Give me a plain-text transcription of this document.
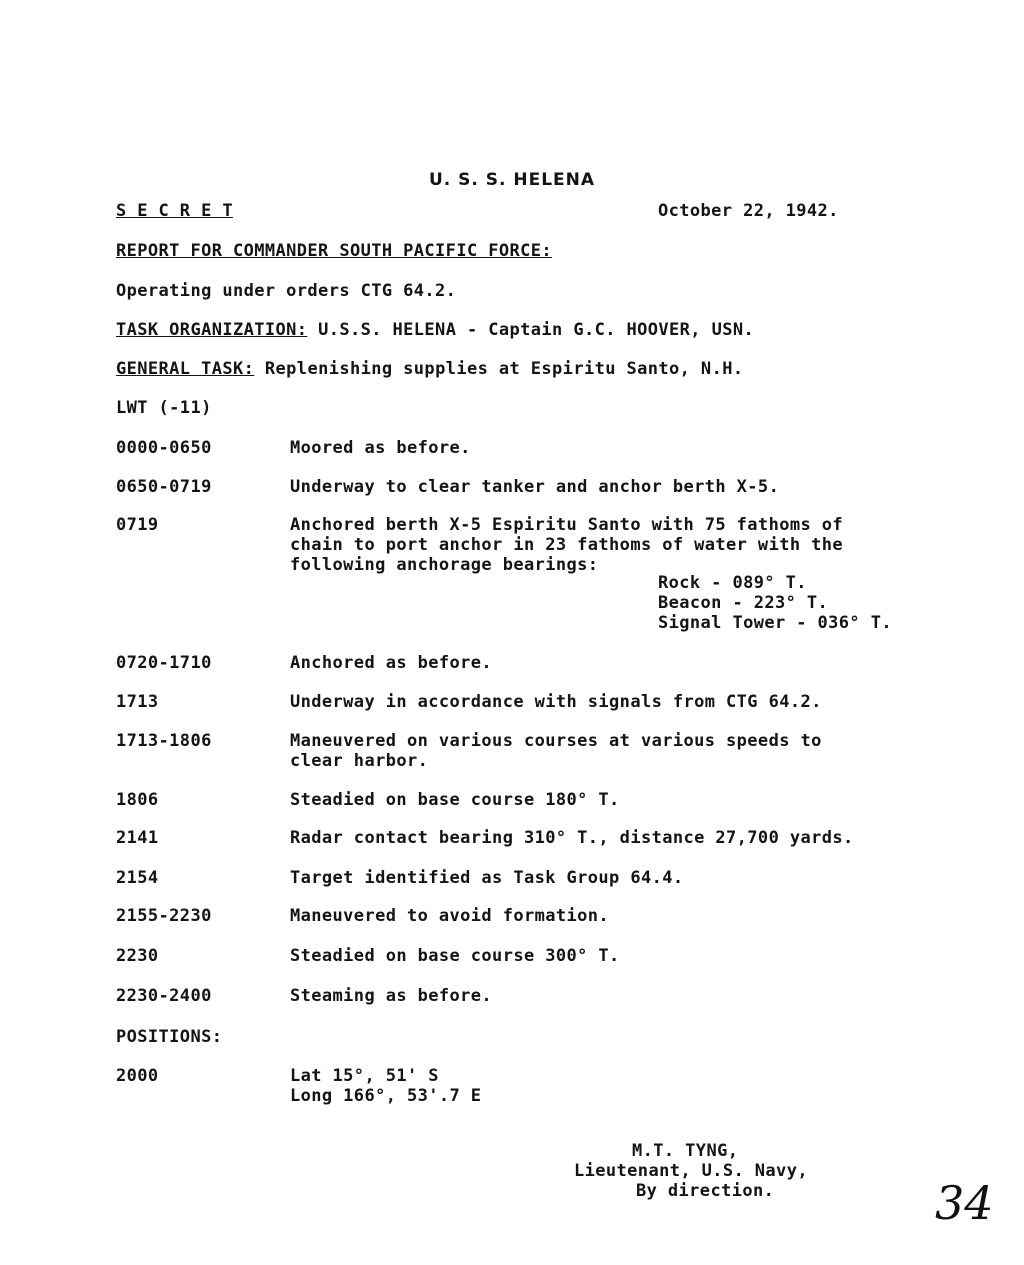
U. S. S. HELENA
S E C R E T	October 22, 1942.
REPORT FOR COMMANDER SOUTH PACIFIC FORCE:
Operating under orders CTG 64.2.
TASK ORGANIZATION: U.S.S. HELENA - Captain G.C. HOOVER, USN.
GENERAL TASK: Replenishing supplies at Espiritu Santo, N.H.
LWT (-11)
0000-0650	Moored as before.
0650-0719	Underway to clear tanker and anchor berth X-5.
0719	Anchored berth X-5 Espiritu Santo with 75 fathoms of
chain to port anchor in 23 fathoms of water with the
following anchorage bearings:
Rock - 089° T.
Beacon - 223° T.
Signal Tower - 036° T.
0720-1710	Anchored as before.
1713	Underway in accordance with signals from CTG 64.2.
1713-1806	Maneuvered on various courses at various speeds to
clear harbor.
1806	Steadied on base course 180° T.
2141	Radar contact bearing 310° T., distance 27,700 yards.
2154	Target identified as Task Group 64.4.
2155-2230	Maneuvered to avoid formation.
2230	Steadied on base course 300° T.
2230-2400	Steaming as before.
POSITIONS:
2000	Lat 15°, 51' S
Long 166°, 53'.7 E
M.T. TYNG,
Lieutenant, U.S. Navy,
By direction.	34
